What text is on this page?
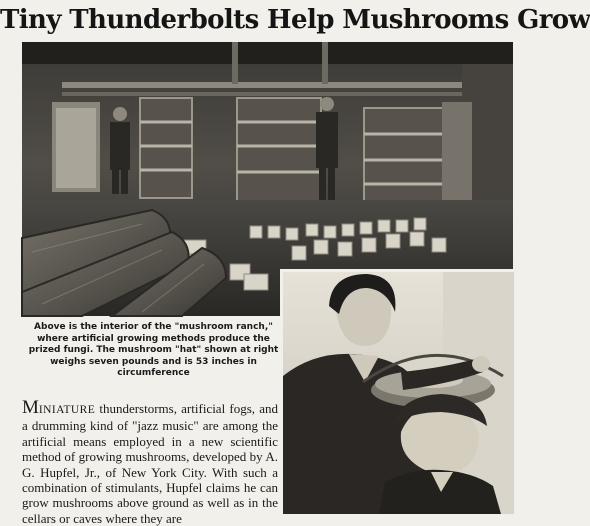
Tiny Thunderbolts Help Mushrooms Grow

Above is the interior of the "mushroom ranch," where artificial growing methods produce the prized fungi. The mushroom "hat" shown at right weighs seven pounds and is 53 inches in circumference

MINIATURE thunderstorms, artificial fogs, and a drumming kind of "jazz music" are among the artificial means employed in a new scientific method of growing mushrooms, developed by A. G. Hupfel, Jr., of New York City. With such a combination of stimulants, Hupfel claims he can grow mushrooms above ground as well as in the cellars or caves where they are
